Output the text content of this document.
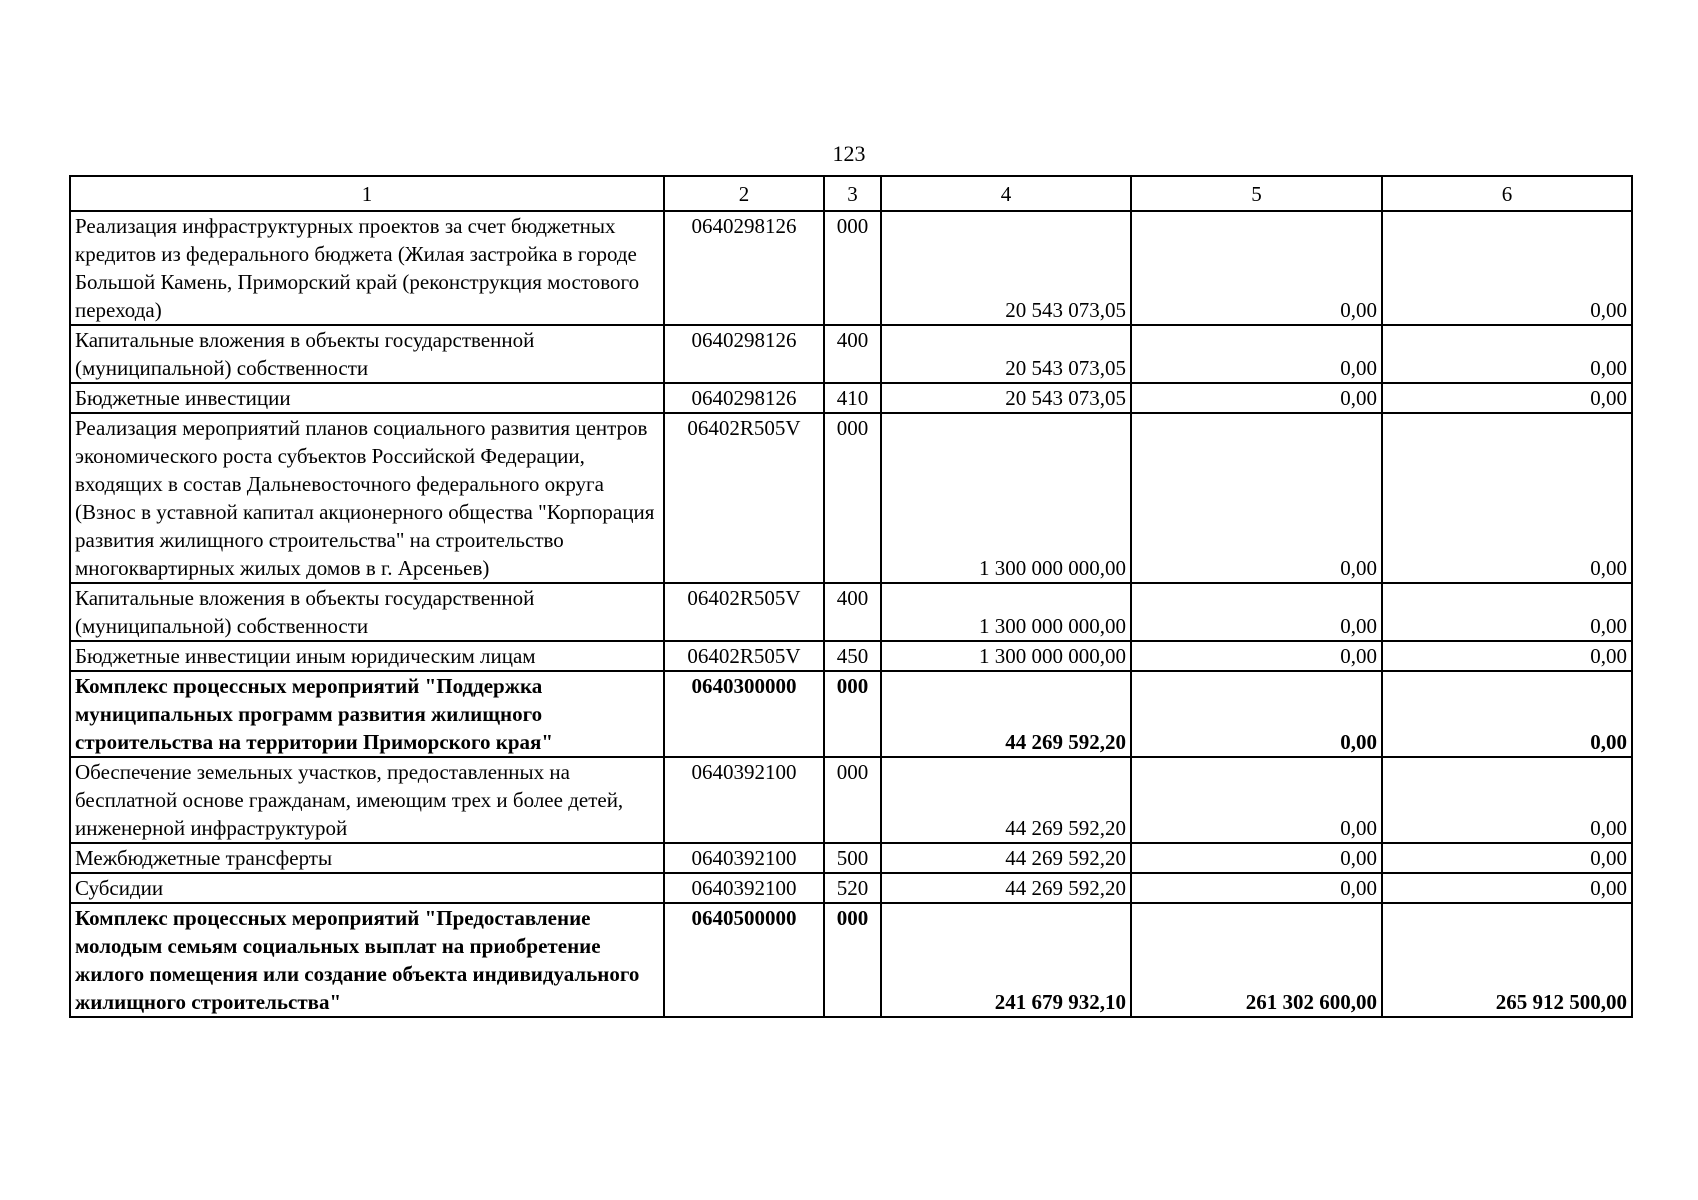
123
1	2	3	4	5	6
Реализация инфраструктурных проектов за счет бюджетных кредитов из федерального бюджета (Жилая застройка в городе Большой Камень, Приморский край (реконструкция мостового перехода)	0640298126	000	20 543 073,05	0,00	0,00
Капитальные вложения в объекты государственной (муниципальной) собственности	0640298126	400	20 543 073,05	0,00	0,00
Бюджетные инвестиции	0640298126	410	20 543 073,05	0,00	0,00
Реализация мероприятий планов социального развития центров экономического роста субъектов Российской Федерации, входящих в состав Дальневосточного федерального округа (Взнос в уставной капитал акционерного общества "Корпорация развития жилищного строительства" на строительство многоквартирных жилых домов в г. Арсеньев)	06402R505V	000	1 300 000 000,00	0,00	0,00
Капитальные вложения в объекты государственной (муниципальной) собственности	06402R505V	400	1 300 000 000,00	0,00	0,00
Бюджетные инвестиции иным юридическим лицам	06402R505V	450	1 300 000 000,00	0,00	0,00
Комплекс процессных мероприятий "Поддержка муниципальных программ развития жилищного строительства на территории Приморского края"	0640300000	000	44 269 592,20	0,00	0,00
Обеспечение земельных участков, предоставленных на бесплатной основе гражданам, имеющим трех и более детей, инженерной инфраструктурой	0640392100	000	44 269 592,20	0,00	0,00
Межбюджетные трансферты	0640392100	500	44 269 592,20	0,00	0,00
Субсидии	0640392100	520	44 269 592,20	0,00	0,00
Комплекс процессных мероприятий "Предоставление молодым семьям социальных выплат на приобретение жилого помещения или создание объекта индивидуального жилищного строительства"	0640500000	000	241 679 932,10	261 302 600,00	265 912 500,00
